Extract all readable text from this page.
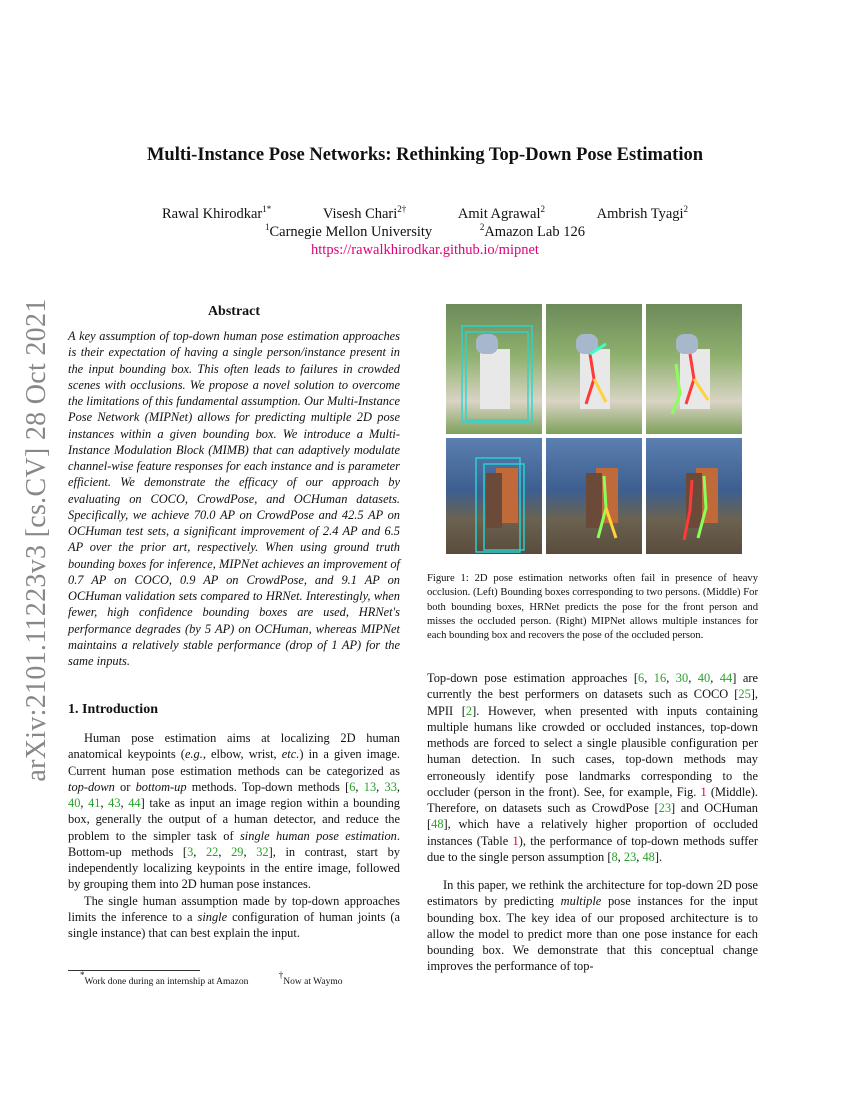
arXiv:2101.11223v3 [cs.CV] 28 Oct 2021
Multi-Instance Pose Networks: Rethinking Top-Down Pose Estimation
Rawal Khirodkar$^{1*}$	Visesh Chari$^{2\dagger}$	Amit Agrawal$^2$	Ambrish Tyagi$^2$
$^1$Carnegie Mellon University	$^2$Amazon Lab 126
https://rawalkhirodkar.github.io/mipnet
Abstract
A key assumption of top-down human pose estimation approaches is their expectation of having a single person/instance present in the input bounding box. This often leads to failures in crowded scenes with occlusions. We propose a novel solution to overcome the limitations of this fundamental assumption. Our Multi-Instance Pose Network (MIPNet) allows for predicting multiple 2D pose instances within a given bounding box. We introduce a Multi-Instance Modulation Block (MIMB) that can adaptively modulate channel-wise feature responses for each instance and is parameter efficient. We demonstrate the efficacy of our approach by evaluating on COCO, CrowdPose, and OCHuman datasets. Specifically, we achieve 70.0 AP on CrowdPose and 42.5 AP on OCHuman test sets, a significant improvement of 2.4 AP and 6.5 AP over the prior art, respectively. When using ground truth bounding boxes for inference, MIPNet achieves an improvement of 0.7 AP on COCO, 0.9 AP on CrowdPose, and 9.1 AP on OCHuman validation sets compared to HRNet. Interestingly, when fewer, high confidence bounding boxes are used, HRNet's performance degrades (by 5 AP) on OCHuman, whereas MIPNet maintains a relatively stable performance (drop of 1 AP) for the same inputs.
1. Introduction

Human pose estimation aims at localizing 2D human anatomical keypoints (e.g., elbow, wrist, etc.) in a given image. Current human pose estimation methods can be categorized as top-down or bottom-up methods. Top-down methods [6, 13, 33, 40, 41, 43, 44] take as input an image region within a bounding box, generally the output of a human detector, and reduce the problem to the simpler task of single human pose estimation. Bottom-up methods [3, 22, 29, 32], in contrast, start by independently localizing keypoints in the entire image, followed by grouping them into 2D human pose instances.

The single human assumption made by top-down approaches limits the inference to a single configuration of human joints (a single instance) that can best explain the input.

*Work done during an internship at Amazon †Now at Waymo
Figure 1: 2D pose estimation networks often fail in presence of heavy occlusion. (Left) Bounding boxes corresponding to two persons. (Middle) For both bounding boxes, HRNet predicts the pose for the front person and misses the occluded person. (Right) MIPNet allows multiple instances for each bounding box and recovers the pose of the occluded person.

Top-down pose estimation approaches [6, 16, 30, 40, 44] are currently the best performers on datasets such as COCO [25], MPII [2]. However, when presented with inputs containing multiple humans like crowded or occluded instances, top-down methods are forced to select a single plausible configuration per human detection. In such cases, top-down methods may erroneously identify pose landmarks corresponding to the occluder (person in the front). See, for example, Fig. 1 (Middle). Therefore, on datasets such as CrowdPose [23] and OCHuman [48], which have a relatively higher proportion of occluded instances (Table 1), the performance of top-down methods suffer due to the single person assumption [8, 23, 48].

In this paper, we rethink the architecture for top-down 2D pose estimators by predicting multiple pose instances for the input bounding box. The key idea of our proposed architecture is to allow the model to predict more than one pose instance for each bounding box. We demonstrate that this conceptual change improves the performance of top-
